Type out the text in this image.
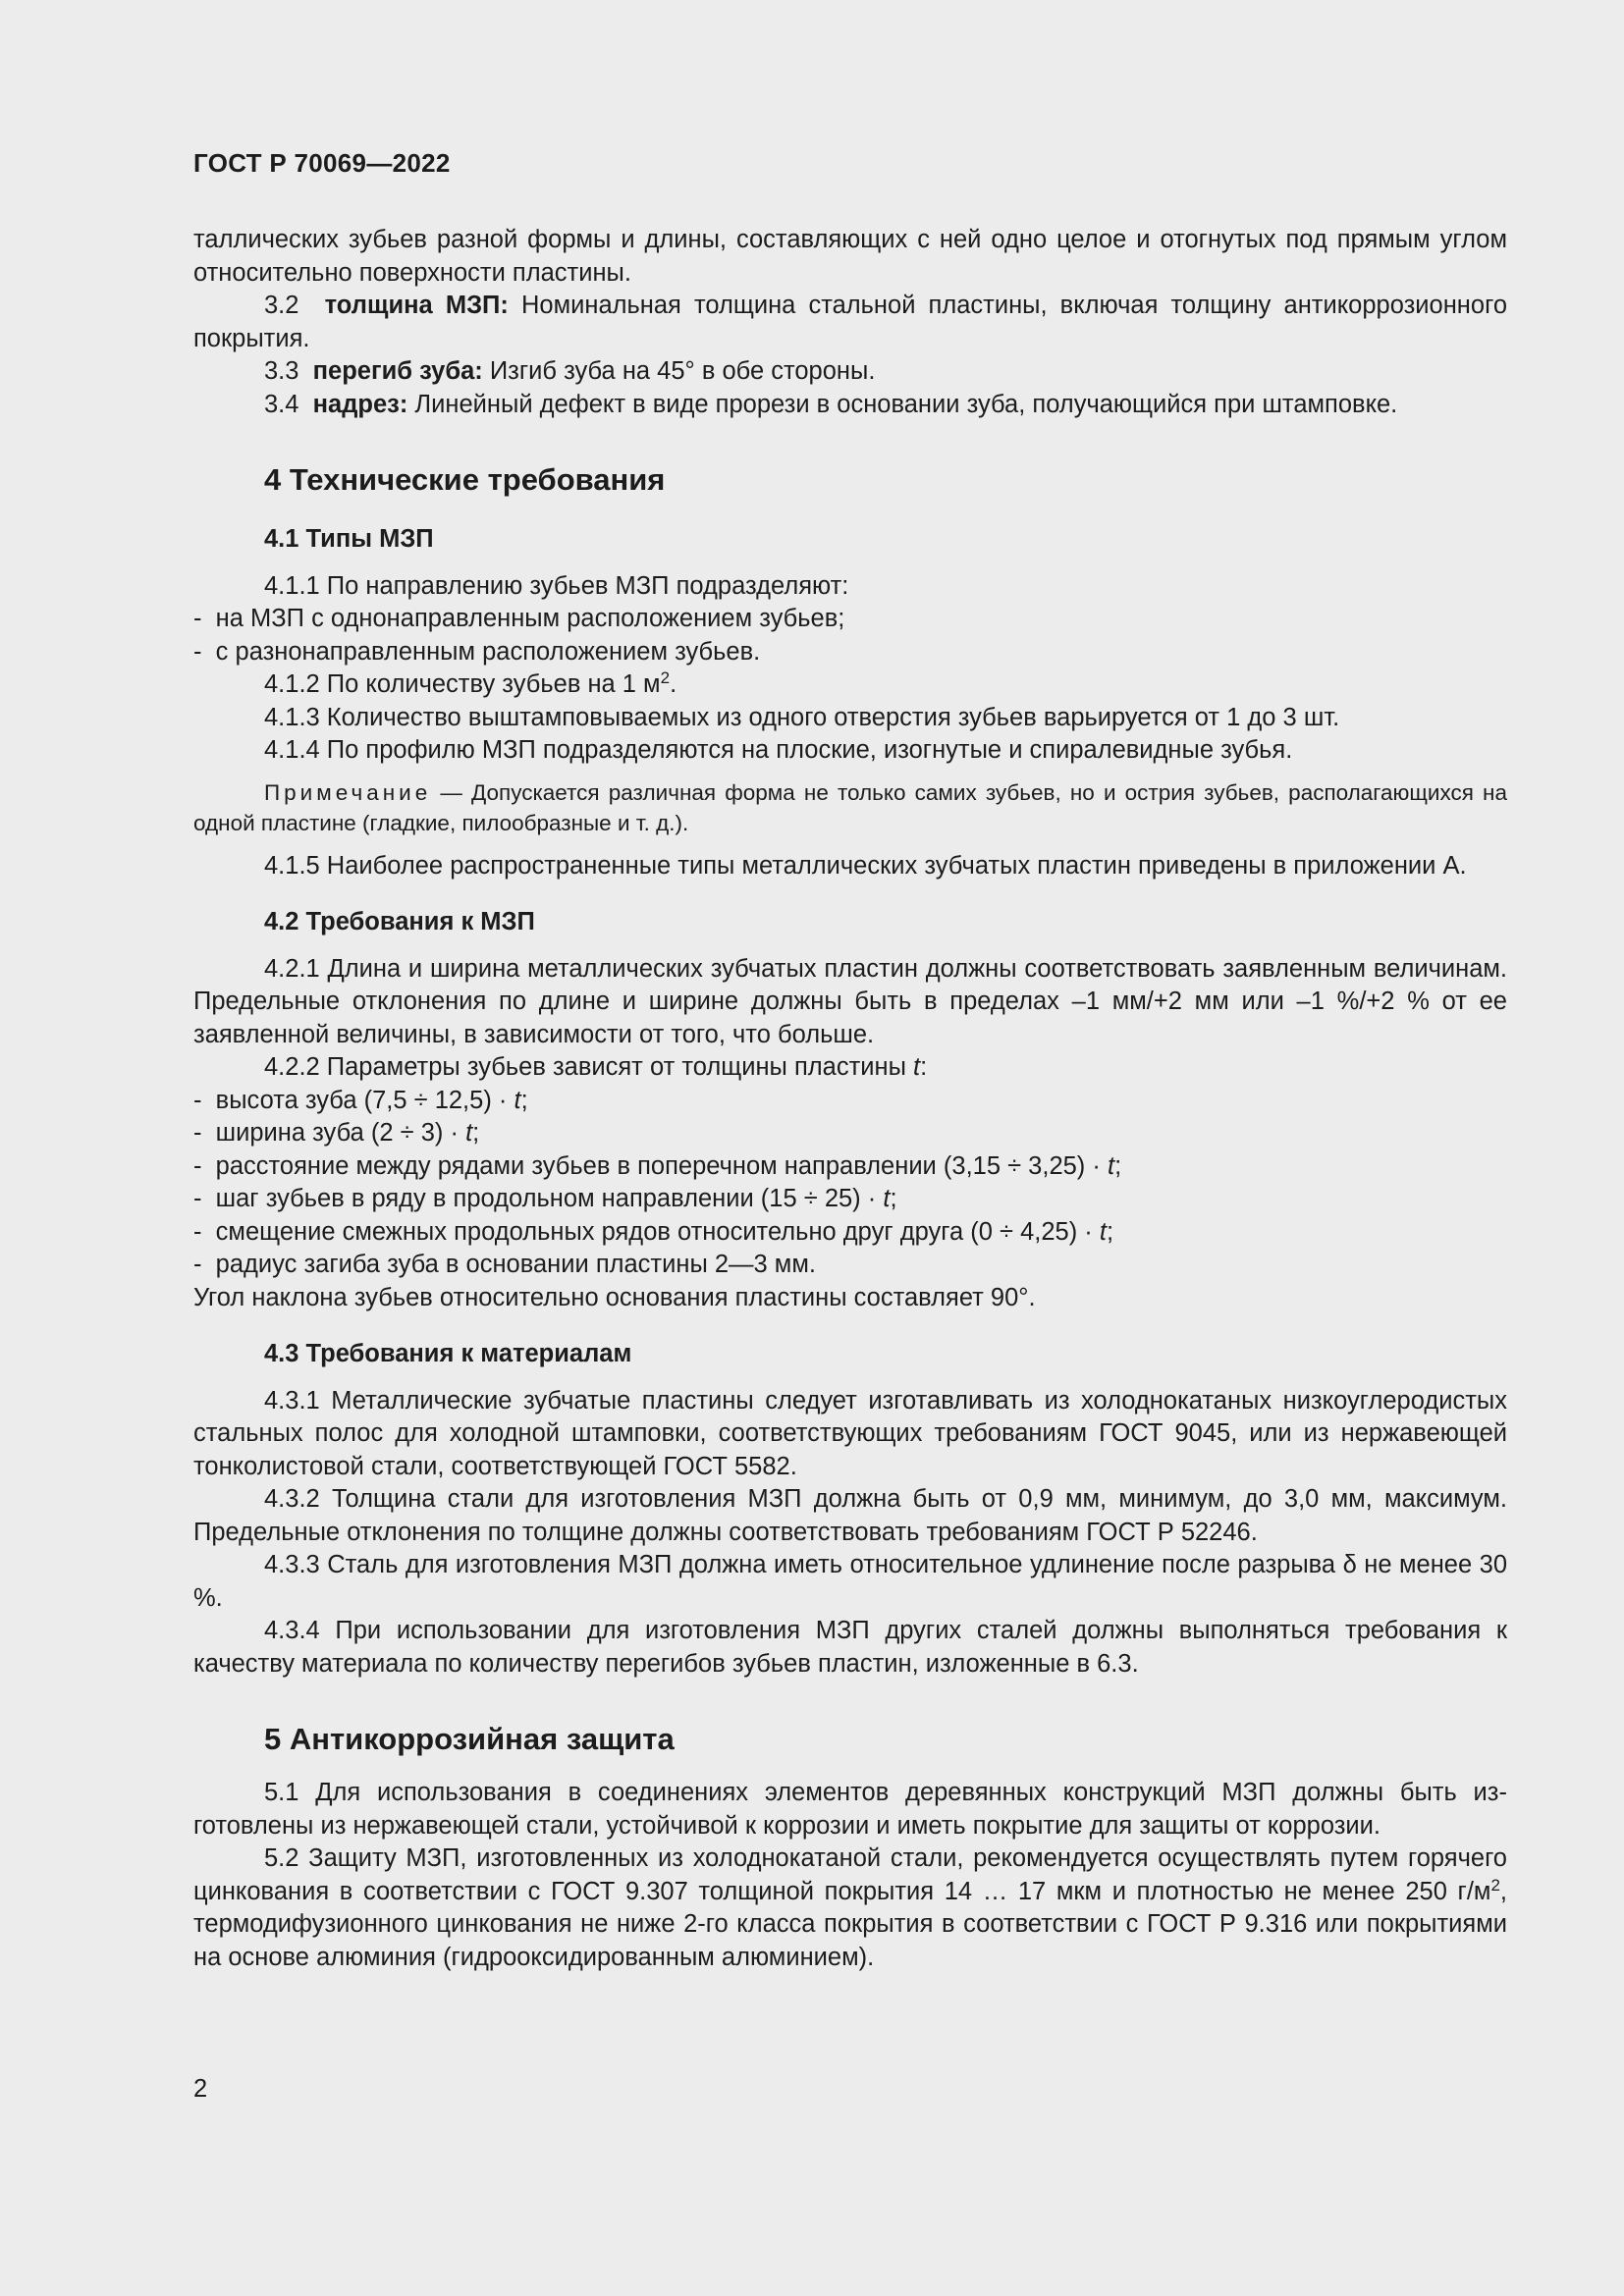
ГОСТ Р 70069—2022
таллических зубьев разной формы и длины, составляющих с ней одно целое и отогнутых под прямым углом относительно поверхности пластины.
3.2 толщина МЗП: Номинальная толщина стальной пластины, включая толщину антикоррозионного покрытия.
3.3 перегиб зуба: Изгиб зуба на 45° в обе стороны.
3.4 надрез: Линейный дефект в виде прорези в основании зуба, получающийся при штамповке.
4 Технические требования
4.1 Типы МЗП
4.1.1 По направлению зубьев МЗП подразделяют:
-  на МЗП с однонаправленным расположением зубьев;
-  с разнонаправленным расположением зубьев.
4.1.2 По количеству зубьев на 1 $м^2$.
4.1.3 Количество выштамповываемых из одного отверстия зубьев варьируется от 1 до 3 шт.
4.1.4 По профилю МЗП подразделяются на плоские, изогнутые и спиралевидные зубья.
Примечание — Допускается различная форма не только самих зубьев, но и острия зубьев, располагающихся на одной пластине (гладкие, пилообразные и т. д.).
4.1.5 Наиболее распространенные типы металлических зубчатых пластин приведены в приложении А.
4.2 Требования к МЗП
4.2.1 Длина и ширина металлических зубчатых пластин должны соответствовать заявленным величинам. Предельные отклонения по длине и ширине должны быть в пределах –1 мм/+2 мм или –1 %/+2 % от ее заявленной величины, в зависимости от того, что больше.
4.2.2 Параметры зубьев зависят от толщины пластины t:
-  высота зуба (7,5 ÷ 12,5) · t;
-  ширина зуба (2 ÷ 3) · t;
-  расстояние между рядами зубьев в поперечном направлении (3,15 ÷ 3,25) · t;
-  шаг зубьев в ряду в продольном направлении (15 ÷ 25) · t;
-  смещение смежных продольных рядов относительно друг друга (0 ÷ 4,25) · t;
-  радиус загиба зуба в основании пластины 2—3 мм.
Угол наклона зубьев относительно основания пластины составляет 90°.
4.3 Требования к материалам
4.3.1 Металлические зубчатые пластины следует изготавливать из холоднокатаных низкоуглеродистых стальных полос для холодной штамповки, соответствующих требованиям ГОСТ 9045, или из нержавеющей тонколистовой стали, соответствующей ГОСТ 5582.
4.3.2 Толщина стали для изготовления МЗП должна быть от 0,9 мм, минимум, до 3,0 мм, максимум. Предельные отклонения по толщине должны соответствовать требованиям ГОСТ Р 52246.
4.3.3 Сталь для изготовления МЗП должна иметь относительное удлинение после разрыва δ не менее 30 %.
4.3.4 При использовании для изготовления МЗП других сталей должны выполняться требования к качеству материала по количеству перегибов зубьев пластин, изложенные в 6.3.
5 Антикоррозийная защита
5.1 Для использования в соединениях элементов деревянных конструкций МЗП должны быть изготовлены из нержавеющей стали, устойчивой к коррозии и иметь покрытие для защиты от коррозии.
5.2 Защиту МЗП, изготовленных из холоднокатаной стали, рекомендуется осуществлять путем горячего цинкования в соответствии с ГОСТ 9.307 толщиной покрытия 14 … 17 мкм и плотностью не менее 250 $г/м^2$, термодифузионного цинкования не ниже 2-го класса покрытия в соответствии с ГОСТ Р 9.316 или покрытиями на основе алюминия (гидрооксидированным алюминием).
2
